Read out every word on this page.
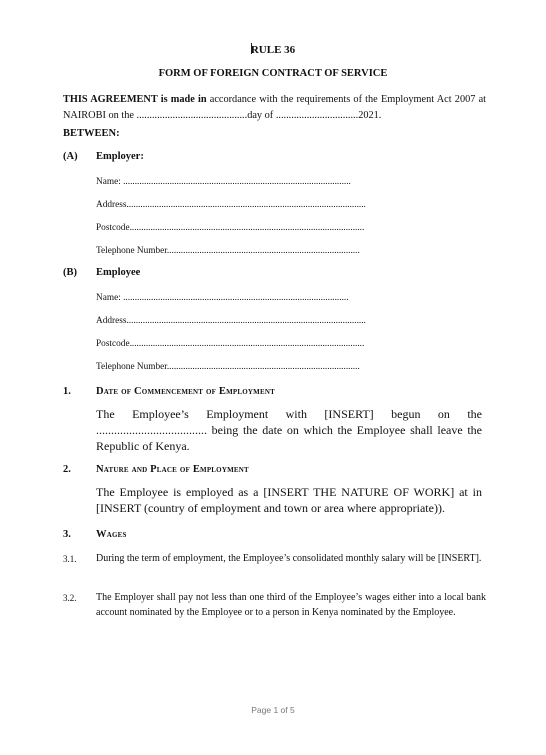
RULE 36
FORM OF FOREIGN CONTRACT OF SERVICE
THIS AGREEMENT is made in accordance with the requirements of the Employment Act 2007 at NAIROBI on the ...........................................day of ................................2021.
BETWEEN:
(A) Employer:
Name: ..................................................................................................
Address.......................................................................................................
Postcode.....................................................................................................
Telephone Number...................................................................................
(B) Employee
Name: .................................................................................................
Address.......................................................................................................
Postcode.....................................................................................................
Telephone Number...................................................................................
1. Date of Commencement of Employment
The Employee’s Employment with [INSERT] begun on the ..................................... being the date on which the Employee shall leave the Republic of Kenya.
2. Nature and Place of Employment
The Employee is employed as a [INSERT THE NATURE OF WORK] at in [INSERT (country of employment and town or area where appropriate)).
3. Wages
3.1. During the term of employment, the Employee’s consolidated monthly salary will be [INSERT].
3.2. The Employer shall pay not less than one third of the Employee’s wages either into a local bank account nominated by the Employee or to a person in Kenya nominated by the Employee.
Page 1 of 5
